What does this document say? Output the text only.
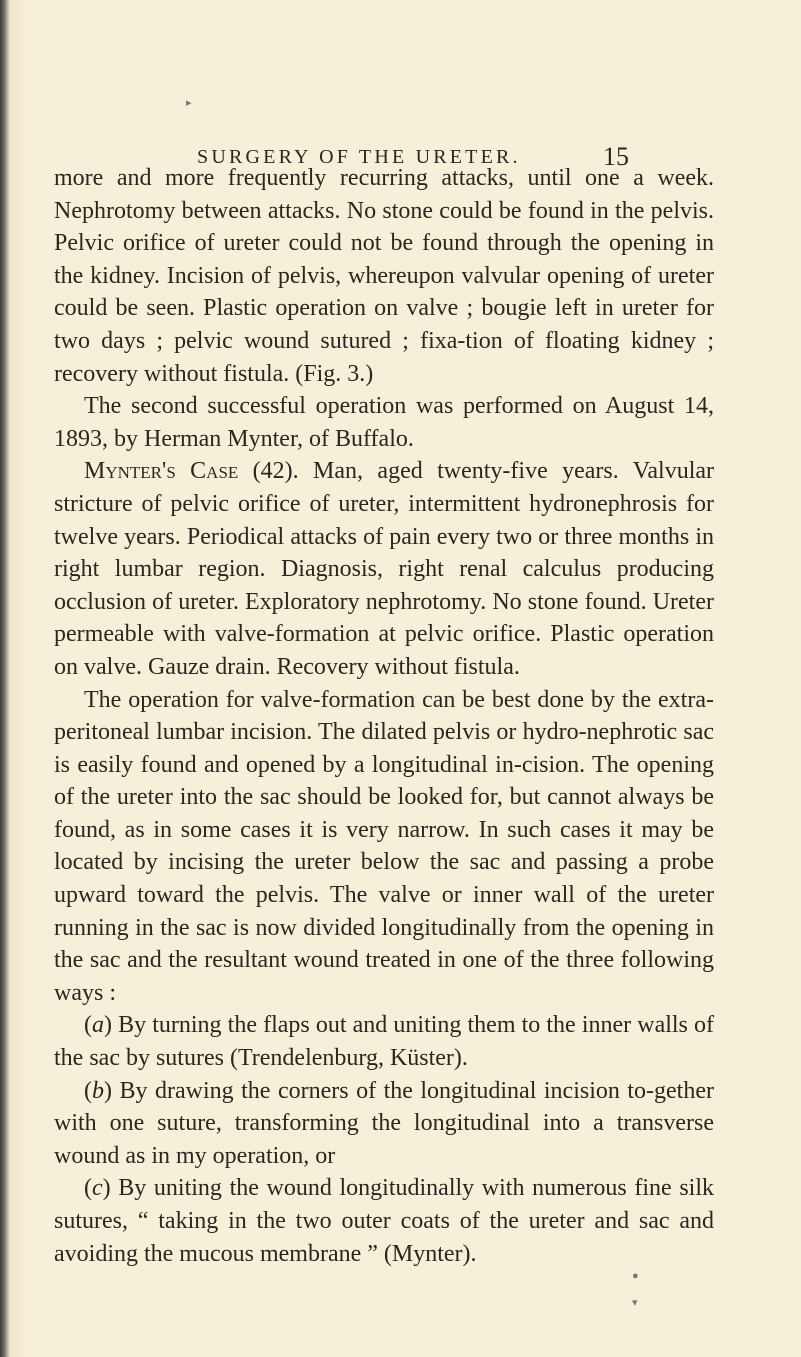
SURGERY OF THE URETER.	15

more and more frequently recurring attacks, until one a week. Nephrotomy between attacks. No stone could be found in the pelvis. Pelvic orifice of ureter could not be found through the opening in the kidney. Incision of pelvis, whereupon valvular opening of ureter could be seen. Plastic operation on valve ; bougie left in ureter for two days ; pelvic wound sutured ; fixa-tion of floating kidney ; recovery without fistula. (Fig. 3.)

The second successful operation was performed on August 14, 1893, by Herman Mynter, of Buffalo.

Mynter's Case (42). Man, aged twenty-five years. Valvular stricture of pelvic orifice of ureter, intermittent hydronephrosis for twelve years. Periodical attacks of pain every two or three months in right lumbar region. Diagnosis, right renal calculus producing occlusion of ureter. Exploratory nephrotomy. No stone found. Ureter permeable with valve-formation at pelvic orifice. Plastic operation on valve. Gauze drain. Recovery without fistula.

The operation for valve-formation can be best done by the extra-peritoneal lumbar incision. The dilated pelvis or hydro-nephrotic sac is easily found and opened by a longitudinal in-cision. The opening of the ureter into the sac should be looked for, but cannot always be found, as in some cases it is very narrow. In such cases it may be located by incising the ureter below the sac and passing a probe upward toward the pelvis. The valve or inner wall of the ureter running in the sac is now divided longitudinally from the opening in the sac and the resultant wound treated in one of the three following ways :

(a) By turning the flaps out and uniting them to the inner walls of the sac by sutures (Trendelenburg, Küster).

(b) By drawing the corners of the longitudinal incision to-gether with one suture, transforming the longitudinal into a transverse wound as in my operation, or

(c) By uniting the wound longitudinally with numerous fine silk sutures, “ taking in the two outer coats of the ureter and sac and avoiding the mucous membrane ” (Mynter).

▸
●
▾
